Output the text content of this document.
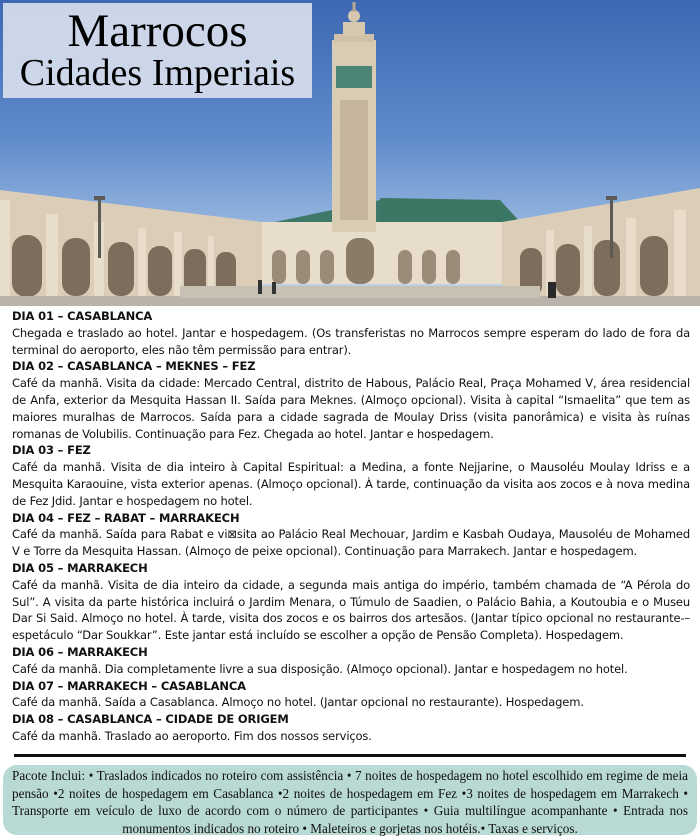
Marrocos
Cidades Imperiais
DIA 01 – CASABLANCA
Chegada e traslado ao hotel. Jantar e hospedagem. (Os transferistas no Marrocos sempre esperam do lado de fora da terminal do aeroporto, eles não têm permissão para entrar).
DIA 02 – CASABLANCA – MEKNES – FEZ
Café da manhã. Visita da cidade: Mercado Central, distrito de Habous, Palácio Real, Praça Mohamed V, área residencial de Anfa, exterior da Mesquita Hassan II. Saída para Meknes. (Almoço opcional). Visita à capital “Ismaelita” que tem as maiores muralhas de Marrocos. Saída para a cidade sagrada de Moulay Driss (visita panorâmica) e visita às ruínas romanas de Volubilis. Continuação para Fez. Chegada ao hotel. Jantar e hospedagem.
DIA 03 – FEZ
Café da manhã. Visita de dia inteiro à Capital Espiritual: a Medina, a fonte Nejjarine, o Mausoléu Moulay Idriss e a Mesquita Karaouine, vista exterior apenas. (Almoço opcional). À tarde, continuação da visita aos zocos e à nova medina de Fez Jdid. Jantar e hospedagem no hotel.
DIA 04 – FEZ – RABAT – MARRAKECH
Café da manhã. Saída para Rabat e vi⊠sita ao Palácio Real Mechouar, Jardim e Kasbah Oudaya, Mausoléu de Mohamed V e Torre da Mesquita Hassan. (Almoço de peixe opcional). Continuação para Marrakech. Jantar e hospedagem.
DIA 05 – MARRAKECH
Café da manhã. Visita de dia inteiro da cidade, a segunda mais antiga do império, também chamada de “A Pérola do Sul”. A visita da parte histórica incluirá o Jardim Menara, o Túmulo de Saadien, o Palácio Bahia, a Koutoubia e o Museu Dar Si Said. Almoço no hotel. À tarde, visita dos zocos e os bairros dos artesãos. (Jantar típico opcional no restaurante-–espetáculo “Dar Soukkar”. Este jantar está incluído se escolher a opção de Pensão Completa). Hospedagem.
DIA 06 – MARRAKECH
Café da manhã. Dia completamente livre a sua disposição. (Almoço opcional). Jantar e hospedagem no hotel.
DIA 07 – MARRAKECH – CASABLANCA
Café da manhã. Saída a Casablanca. Almoço no hotel. (Jantar opcional no restaurante). Hospedagem.
DIA 08 – CASABLANCA – CIDADE DE ORIGEM
Café da manhã. Traslado ao aeroporto. Fim dos nossos serviços.
Pacote Inclui: • Traslados indicados no roteiro com assistência • 7 noites de hospedagem no hotel escolhido em regime de meia pensão •2 noites de hospedagem em Casablanca •2 noites de hospedagem em Fez •3 noites de hospedagem em Marrakech • Transporte em veículo de luxo de acordo com o número de participantes • Guia multilíngue acompanhante • Entrada nos monumentos indicados no roteiro • Maleteiros e gorjetas nos hotéis.• Taxas e serviços.
